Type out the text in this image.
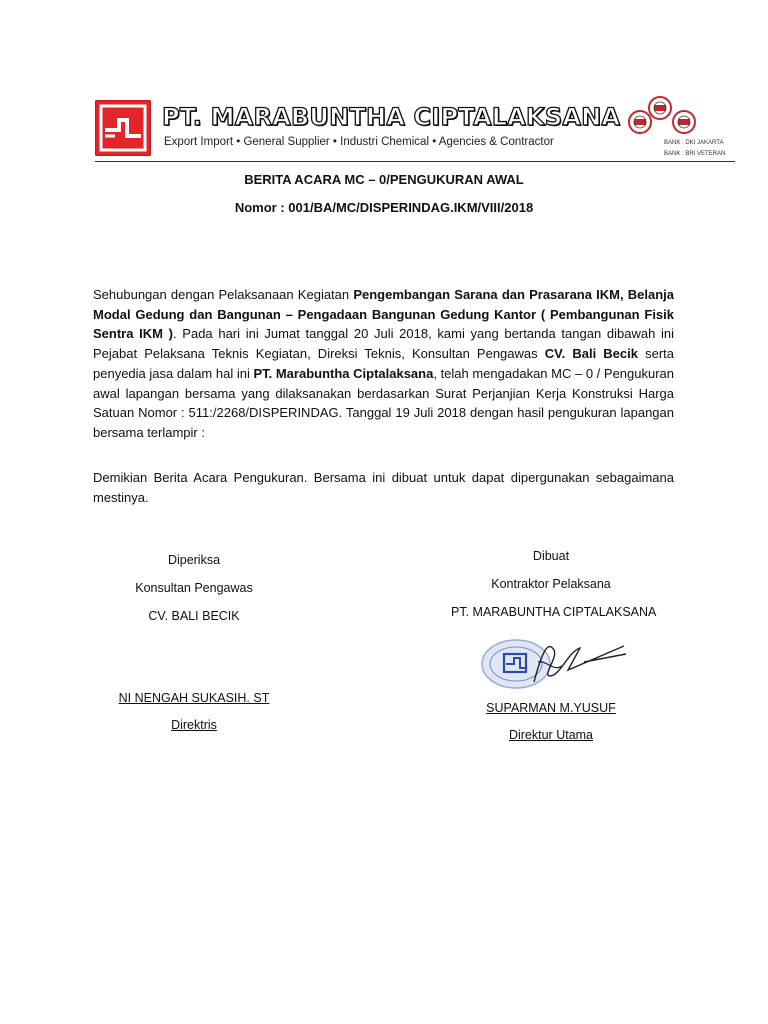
PT. MARABUNTHA CIPTALAKSANA
Export Import • General Supplier • Industri Chemical • Agencies & Contractor	BANK : DKI JAKARTA
BANK : BRI VETERAN
BERITA ACARA MC – 0/PENGUKURAN AWAL
Nomor : 001/BA/MC/DISPERINDAG.IKM/VIII/2018
Sehubungan dengan Pelaksanaan Kegiatan Pengembangan Sarana dan Prasarana IKM, Belanja Modal Gedung dan Bangunan – Pengadaan Bangunan Gedung Kantor ( Pembangunan Fisik Sentra IKM ). Pada hari ini Jumat tanggal 20 Juli 2018, kami yang bertanda tangan dibawah ini Pejabat Pelaksana Teknis Kegiatan, Direksi Teknis, Konsultan Pengawas CV. Bali Becik serta penyedia jasa dalam hal ini PT. Marabuntha Ciptalaksana, telah mengadakan MC – 0 / Pengukuran awal lapangan bersama yang dilaksanakan berdasarkan Surat Perjanjian Kerja Konstruksi Harga Satuan Nomor : 511:/2268/DISPERINDAG. Tanggal 19 Juli 2018 dengan hasil pengukuran lapangan bersama terlampir :
Demikian Berita Acara Pengukuran. Bersama ini dibuat untuk dapat dipergunakan sebagaimana mestinya.
Diperiksa
Konsultan Pengawas
CV. BALI BECIK
NI NENGAH SUKASIH. ST
Direktris
Dibuat
Kontraktor Pelaksana
PT. MARABUNTHA CIPTALAKSANA
SUPARMAN M.YUSUF
Direktur Utama
